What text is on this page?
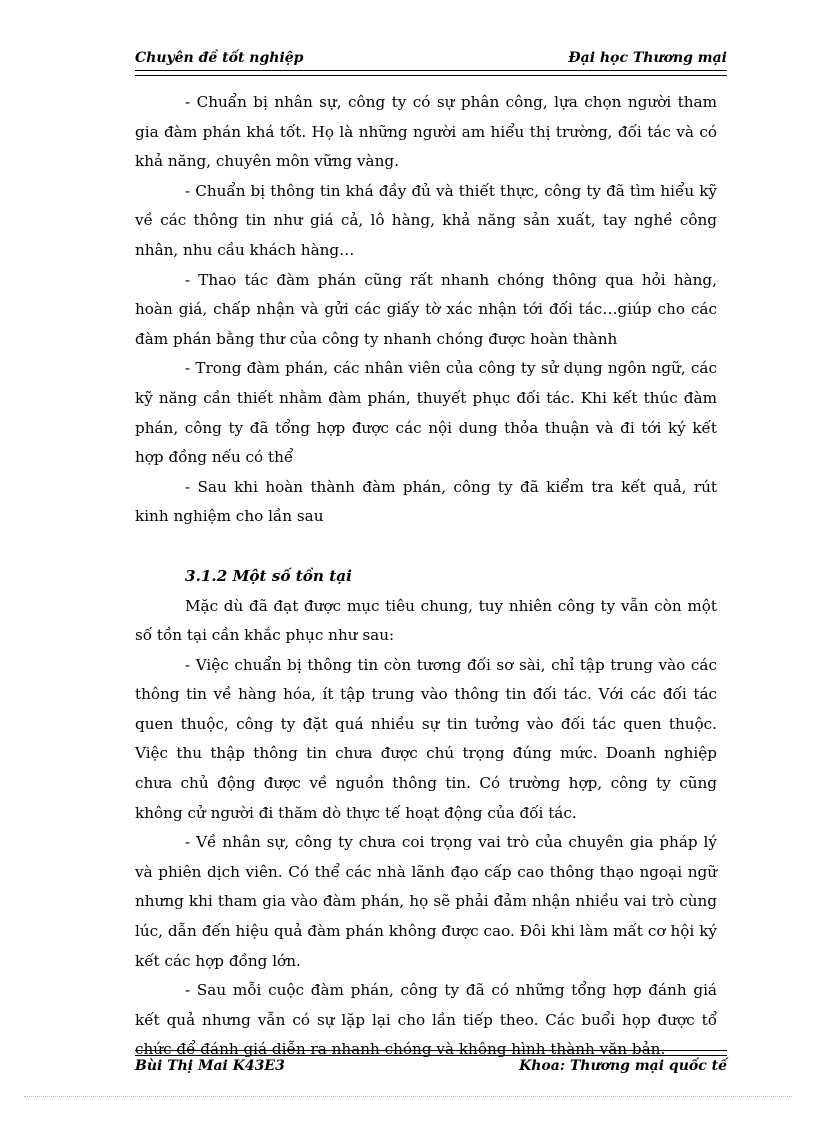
Chuyên đề tốt nghiệp	Đại học Thương mại

- Chuẩn bị nhân sự, công ty có sự phân công, lựa chọn người tham gia đàm phán khá tốt. Họ là những người am hiểu thị trường, đối tác và có khả năng, chuyên môn vững vàng.

- Chuẩn bị thông tin khá đầy đủ và thiết thực, công ty đã tìm hiểu kỹ về các thông tin như giá cả, lô hàng, khả năng sản xuất, tay nghề công nhân, nhu cầu khách hàng…

- Thao tác đàm phán cũng rất nhanh chóng thông qua hỏi hàng, hoàn giá, chấp nhận và gửi các giấy tờ xác nhận tới đối tác…giúp cho các đàm phán bằng thư của công ty nhanh chóng được hoàn thành

- Trong đàm phán, các nhân viên của công ty sử dụng ngôn ngữ, các kỹ năng cần thiết nhằm đàm phán, thuyết phục đối tác. Khi kết thúc đàm phán, công ty đã tổng hợp được các nội dung thỏa thuận và đi tới ký kết hợp đồng nếu có thể

- Sau khi hoàn thành đàm phán, công ty đã kiểm tra kết quả, rút kinh nghiệm cho lần sau

3.1.2 Một số tồn tại

Mặc dù đã đạt được mục tiêu chung, tuy nhiên công ty vẫn còn một số tồn tại cần khắc phục như sau:

- Việc chuẩn bị thông tin còn tương đối sơ sài, chỉ tập trung vào các thông tin về hàng hóa, ít tập trung vào thông tin đối tác. Với các đối tác quen thuộc, công ty đặt quá nhiều sự tin tưởng vào đối tác quen thuộc. Việc thu thập thông tin chưa được chú trọng đúng mức. Doanh nghiệp chưa chủ động được về nguồn thông tin. Có trường hợp, công ty cũng không cử người đi thăm dò thực tế hoạt động của đối tác.

- Về nhân sự, công ty chưa coi trọng vai trò của chuyên gia pháp lý và phiên dịch viên. Có thể các nhà lãnh đạo cấp cao thông thạo ngoại ngữ nhưng khi tham gia vào đàm phán, họ sẽ phải đảm nhận nhiều vai trò cùng lúc, dẫn đến hiệu quả đàm phán không được cao. Đôi khi làm mất cơ hội ký kết các hợp đồng lớn.

- Sau mỗi cuộc đàm phán, công ty đã có những tổng hợp đánh giá kết quả nhưng vẫn có sự lặp lại cho lần tiếp theo. Các buổi họp được tổ chức để đánh giá diễn ra nhanh chóng và không hình thành văn bản.

Bùi Thị Mai K43E3	Khoa: Thương mại quốc tế
